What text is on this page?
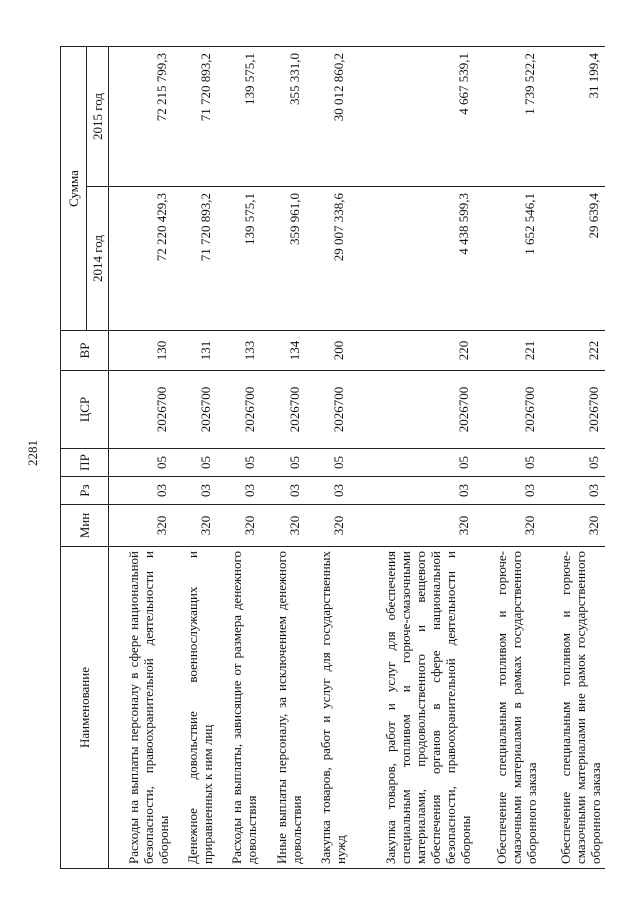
2281
Наименование	Мин	Рз	ПР	ЦСР	ВР	Сумма	
						2014 год	2015 год
Расходы на выплаты персоналу в сфере национальной безопасности, правоохранительной деятельности и обороны	320	03	05	2026700	130	72 220 429,3	72 215 799,3
Денежное довольствие военнослужащих и приравненных к ним лиц	320	03	05	2026700	131	71 720 893,2	71 720 893,2
Расходы на выплаты, зависящие от размера денежного довольствия	320	03	05	2026700	133	139 575,1	139 575,1
Иные выплаты персоналу, за исключением денежного довольствия	320	03	05	2026700	134	359 961,0	355 331,0
Закупка товаров, работ и услуг для государственных нужд	320	03	05	2026700	200	29 007 338,6	30 012 860,2
Закупка товаров, работ и услуг для обеспечения специальным топливом и горюче-смазочными материалами, продовольственного и вещевого обеспечения органов в сфере национальной безопасности, правоохранительной деятельности и обороны	320	03	05	2026700	220	4 438 599,3	4 667 539,1
Обеспечение специальным топливом и горюче-смазочными материалами в рамках государственного оборонного заказа	320	03	05	2026700	221	1 652 546,1	1 739 522,2
Обеспечение специальным топливом и горюче-смазочными материалами вне рамок государственного оборонного заказа	320	03	05	2026700	222	29 639,4	31 199,4
